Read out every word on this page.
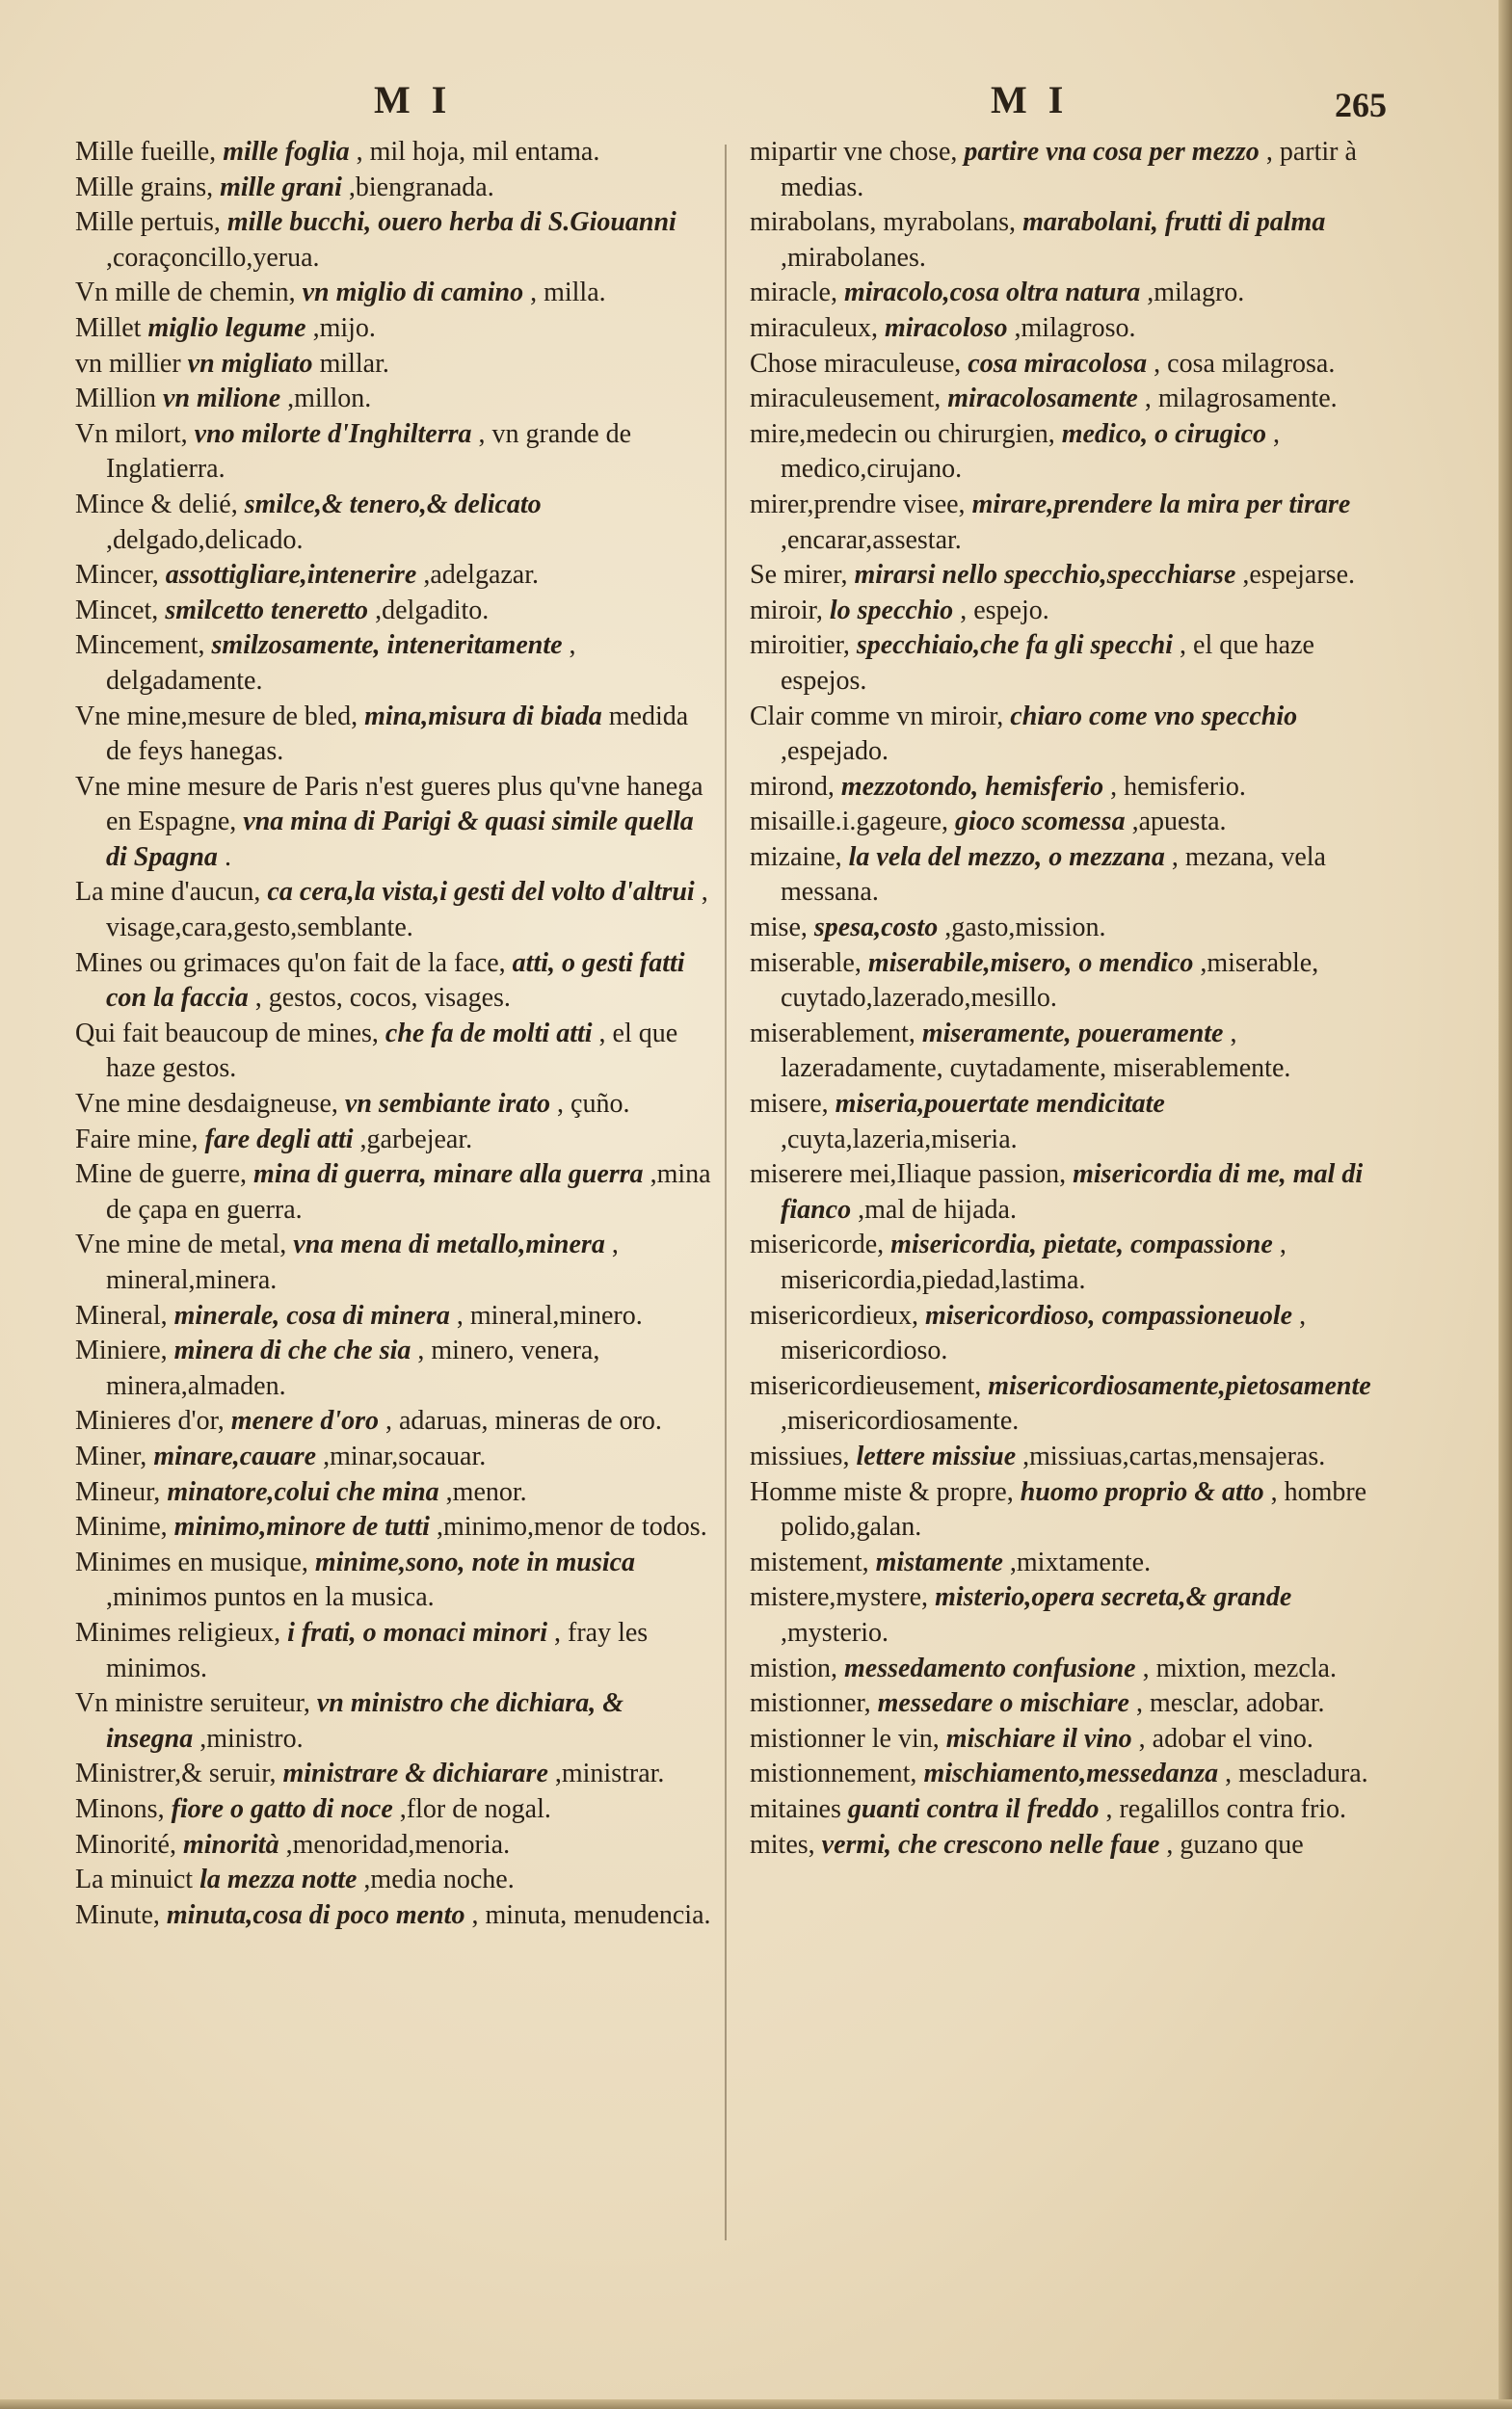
M I	M I	265

Mille fueille, mille foglia , mil hoja, mil entama.

Mille grains, mille grani ,biengranada.

Mille pertuis, mille bucchi, ouero herba di S.Giouanni ,coraçoncillo,yerua.

Vn mille de chemin, vn miglio di camino , milla.

Millet miglio legume ,mijo.

vn millier vn migliato millar.

Million vn milione ,millon.

Vn milort, vno milorte d'Inghilterra , vn grande de Inglatierra.

Mince & delié, smilce,& tenero,& delicato ,delgado,delicado.

Mincer, assottigliare,intenerire ,adelgazar.

Mincet, smilcetto teneretto ,delgadito.

Mincement, smilzosamente, inteneritamente , delgadamente.

Vne mine,mesure de bled, mina,misura di biada medida de feys hanegas.

Vne mine mesure de Paris n'est gueres plus qu'vne hanega en Espagne, vna mina di Parigi & quasi simile quella di Spagna .

La mine d'aucun, ca cera,la vista,i gesti del volto d'altrui , visage,cara,gesto,semblante.

Mines ou grimaces qu'on fait de la face, atti, o gesti fatti con la faccia , gestos, cocos, visages.

Qui fait beaucoup de mines, che fa de molti atti , el que haze gestos.

Vne mine desdaigneuse, vn sembiante irato , çuño.

Faire mine, fare degli atti ,garbejear.

Mine de guerre, mina di guerra, minare alla guerra ,mina de çapa en guerra.

Vne mine de metal, vna mena di metallo,minera , mineral,minera.

Mineral, minerale, cosa di minera , mineral,minero.

Miniere, minera di che che sia , minero, venera, minera,almaden.

Minieres d'or, menere d'oro , adaruas, mineras de oro.

Miner, minare,cauare ,minar,socauar.

Mineur, minatore,colui che mina ,menor.

Minime, minimo,minore de tutti ,minimo,menor de todos.

Minimes en musique, minime,sono, note in musica ,minimos puntos en la musica.

Minimes religieux, i frati, o monaci minori , fray les minimos.

Vn ministre seruiteur, vn ministro che dichiara, & insegna ,ministro.

Ministrer,& seruir, ministrare & dichiarare ,ministrar.

Minons, fiore o gatto di noce ,flor de nogal.

Minorité, minorità ,menoridad,menoria.

La minuict la mezza notte ,media noche.

Minute, minuta,cosa di poco mento , minuta, menudencia.

mipartir vne chose, partire vna cosa per mezzo , partir à medias.

mirabolans, myrabolans, marabolani, frutti di palma ,mirabolanes.

miracle, miracolo,cosa oltra natura ,milagro.

miraculeux, miracoloso ,milagroso.

Chose miraculeuse, cosa miracolosa , cosa milagrosa.

miraculeusement, miracolosamente , milagrosamente.

mire,medecin ou chirurgien, medico, o cirugico , medico,cirujano.

mirer,prendre visee, mirare,prendere la mira per tirare ,encarar,assestar.

Se mirer, mirarsi nello specchio,specchiarse ,espejarse.

miroir, lo specchio , espejo.

miroitier, specchiaio,che fa gli specchi , el que haze espejos.

Clair comme vn miroir, chiaro come vno specchio ,espejado.

mirond, mezzotondo, hemisferio , hemisferio.

misaille.i.gageure, gioco scomessa ,apuesta.

mizaine, la vela del mezzo, o mezzana , mezana, vela messana.

mise, spesa,costo ,gasto,mission.

miserable, miserabile,misero, o mendico ,miserable, cuytado,lazerado,mesillo.

miserablement, miseramente, poueramente , lazeradamente, cuytadamente, miserablemente.

misere, miseria,pouertate mendicitate ,cuyta,lazeria,miseria.

miserere mei,Iliaque passion, misericordia di me, mal di fianco ,mal de hijada.

misericorde, misericordia, pietate, compassione , misericordia,piedad,lastima.

misericordieux, misericordioso, compassioneuole , misericordioso.

misericordieusement, misericordiosamente,pietosamente ,misericordiosamente.

missiues, lettere missiue ,missiuas,cartas,mensajeras.

Homme miste & propre, huomo proprio & atto , hombre polido,galan.

mistement, mistamente ,mixtamente.

mistere,mystere, misterio,opera secreta,& grande ,mysterio.

mistion, messedamento confusione , mixtion, mezcla.

mistionner, messedare o mischiare , mesclar, adobar.

mistionner le vin, mischiare il vino , adobar el vino.

mistionnement, mischiamento,messedanza , mescladura.

mitaines guanti contra il freddo , regalillos contra frio.

mites, vermi, che crescono nelle faue , guzano que
